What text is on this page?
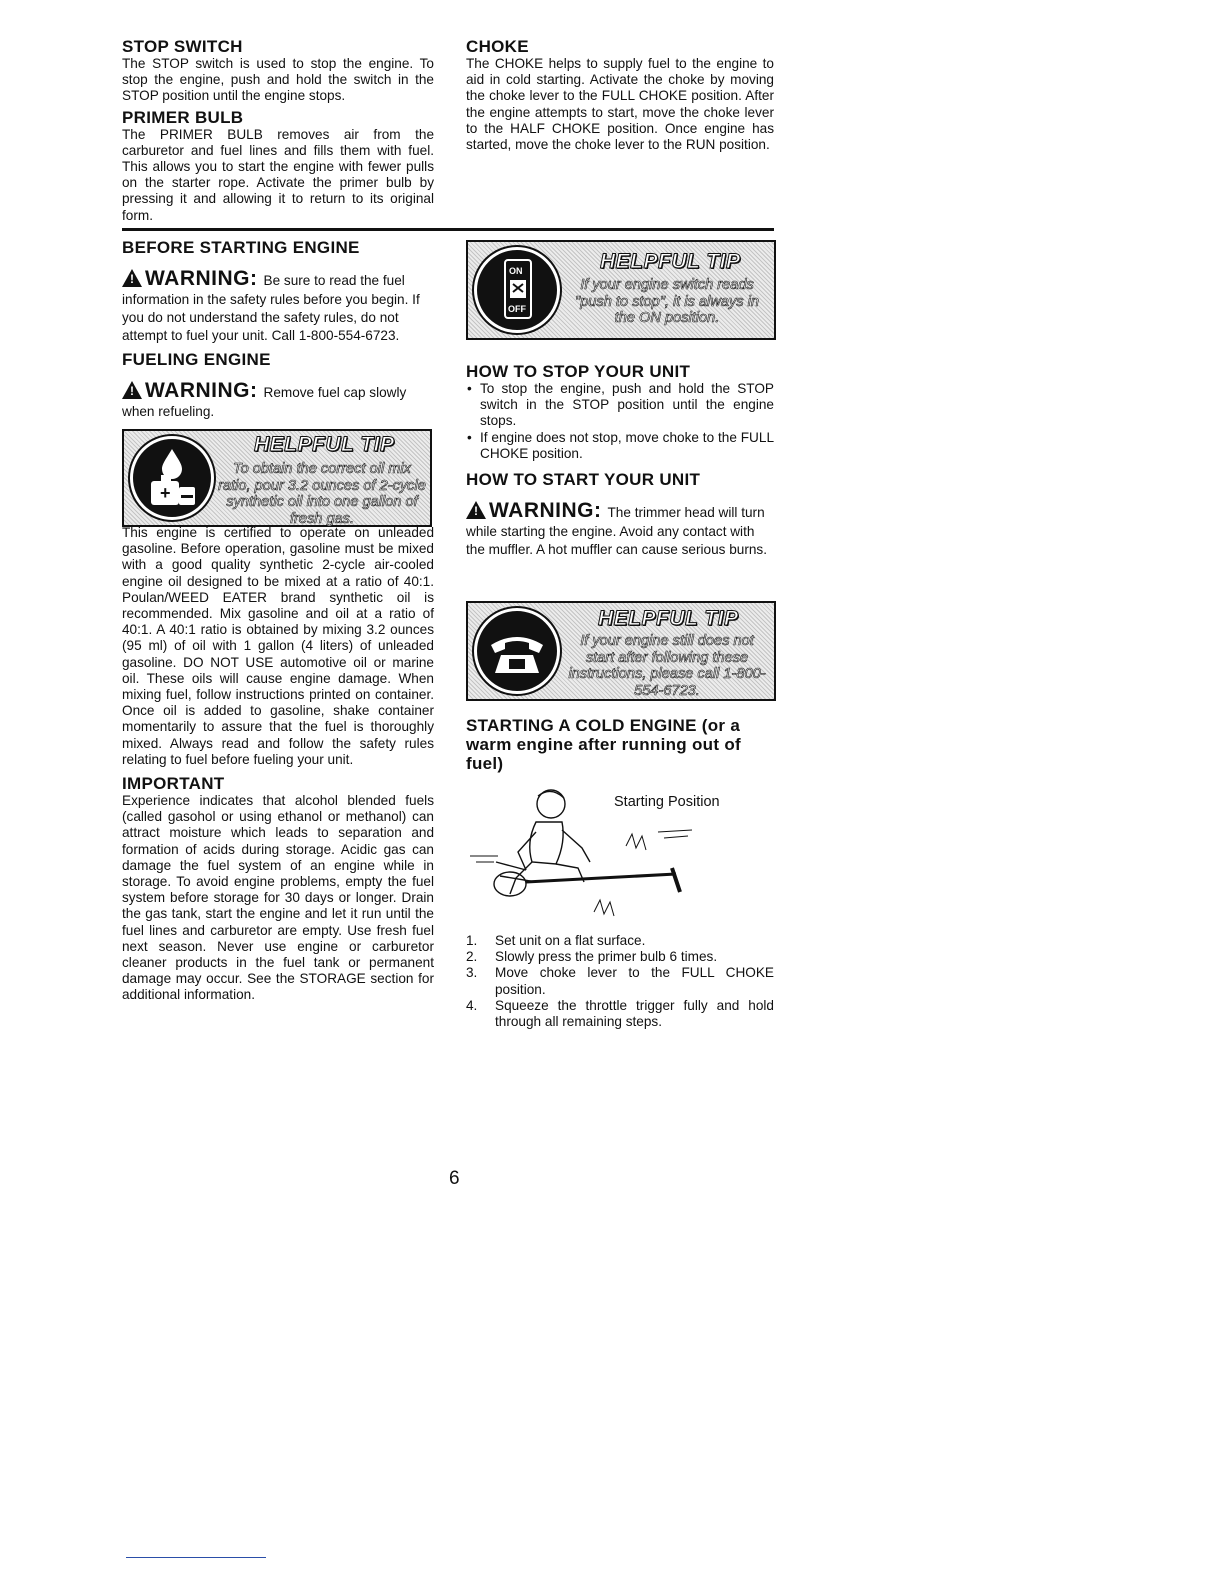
STOP SWITCH

The STOP switch is used to stop the engine. To stop the engine, push and hold the switch in the STOP position until the engine stops.

PRIMER BULB

The PRIMER BULB removes air from the carburetor and fuel lines and fills them with fuel. This allows you to start the engine with fewer pulls on the starter rope. Activate the primer bulb by pressing it and allowing it to return to its original form.

CHOKE

The CHOKE helps to supply fuel to the engine to aid in cold starting. Activate the choke by moving the choke lever to the FULL CHOKE position. After the engine attempts to start, move the choke lever to the HALF CHOKE position. Once engine has started, move the choke lever to the RUN position.

BEFORE STARTING ENGINE
! WARNING: Be sure to read the fuel information in the safety rules before you begin. If you do not understand the safety rules, do not attempt to fuel your unit. Call 1-800-554-6723.
FUELING ENGINE
! WARNING: Remove fuel cap slowly when refueling.
+
HELPFUL TIP
To obtain the correct oil mix ratio, pour 3.2 ounces of 2-cycle synthetic oil into one gallon of fresh gas.

This engine is certified to operate on unleaded gasoline. Before operation, gasoline must be mixed with a good quality synthetic 2-cycle air-cooled engine oil designed to be mixed at a ratio of 40:1. Poulan/WEED EATER brand synthetic oil is recommended. Mix gasoline and oil at a ratio of 40:1. A 40:1 ratio is obtained by mixing 3.2 ounces (95 ml) of oil with 1 gallon (4 liters) of unleaded gasoline. DO NOT USE automotive oil or marine oil. These oils will cause engine damage. When mixing fuel, follow instructions printed on container. Once oil is added to gasoline, shake container momentarily to assure that the fuel is thoroughly mixed. Always read and follow the safety rules relating to fuel before fueling your unit.

IMPORTANT

Experience indicates that alcohol blended fuels (called gasohol or using ethanol or methanol) can attract moisture which leads to separation and formation of acids during storage. Acidic gas can damage the fuel system of an engine while in storage. To avoid engine problems, empty the fuel system before storage for 30 days or longer. Drain the gas tank, start the engine and let it run until the fuel lines and carburetor are empty. Use fresh fuel next season. Never use engine or carburetor cleaner products in the fuel tank or permanent damage may occur. See the STORAGE section for additional information.

ON
OFF
HELPFUL TIP
If your engine switch reads "push to stop", it is always in the ON position.
HOW TO STOP YOUR UNIT
• To stop the engine, push and hold the STOP switch in the STOP position until the engine stops.
• If engine does not stop, move choke to the FULL CHOKE position.
HOW TO START YOUR UNIT
! WARNING: The trimmer head will turn while starting the engine. Avoid any contact with the muffler. A hot muffler can cause serious burns.
HELPFUL TIP
If your engine still does not start after following these instructions, please call 1-800-554-6723.
STARTING A COLD ENGINE (or a warm engine after running out of fuel)
Starting Position
1.	Set unit on a flat surface.
2.	Slowly press the primer bulb 6 times.
3.	Move choke lever to the FULL CHOKE position.
4.	Squeeze the throttle trigger fully and hold through all remaining steps.
6
